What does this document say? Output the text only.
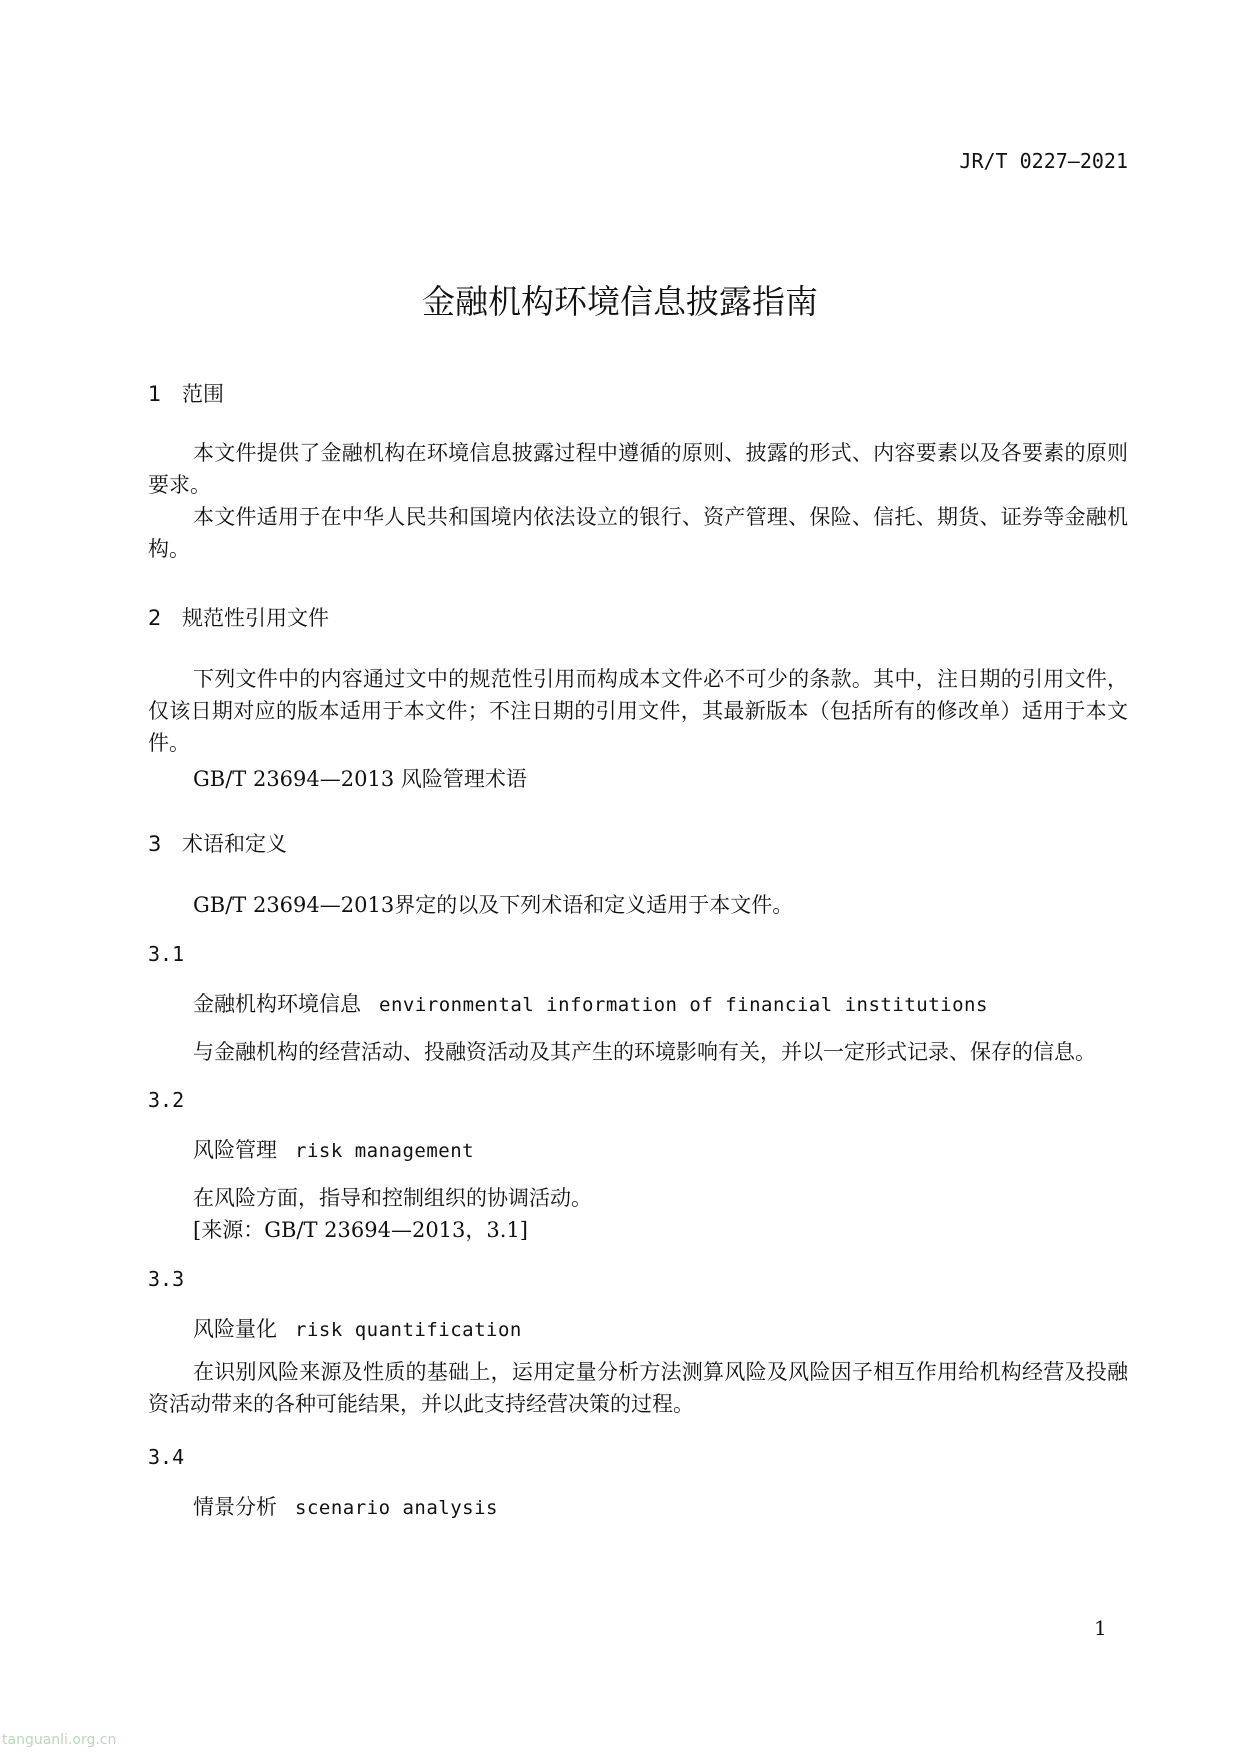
JR/T 0227—2021
金融机构环境信息披露指南
1 范围
本文件提供了金融机构在环境信息披露过程中遵循的原则、披露的形式、内容要素以及各要素的原则要求。
本文件适用于在中华人民共和国境内依法设立的银行、资产管理、保险、信托、期货、证券等金融机构。
2 规范性引用文件
下列文件中的内容通过文中的规范性引用而构成本文件必不可少的条款。其中，注日期的引用文件，仅该日期对应的版本适用于本文件；不注日期的引用文件，其最新版本（包括所有的修改单）适用于本文件。
GB/T 23694—2013 风险管理术语
3 术语和定义
GB/T 23694—2013界定的以及下列术语和定义适用于本文件。
3.1
金融机构环境信息 environmental information of financial institutions
与金融机构的经营活动、投融资活动及其产生的环境影响有关，并以一定形式记录、保存的信息。
3.2
风险管理 risk management
在风险方面，指导和控制组织的协调活动。
[来源：GB/T 23694—2013，3.1]
3.3
风险量化 risk quantification
在识别风险来源及性质的基础上，运用定量分析方法测算风险及风险因子相互作用给机构经营及投融资活动带来的各种可能结果，并以此支持经营决策的过程。
3.4
情景分析 scenario analysis
1
tanguanli.org.cn
